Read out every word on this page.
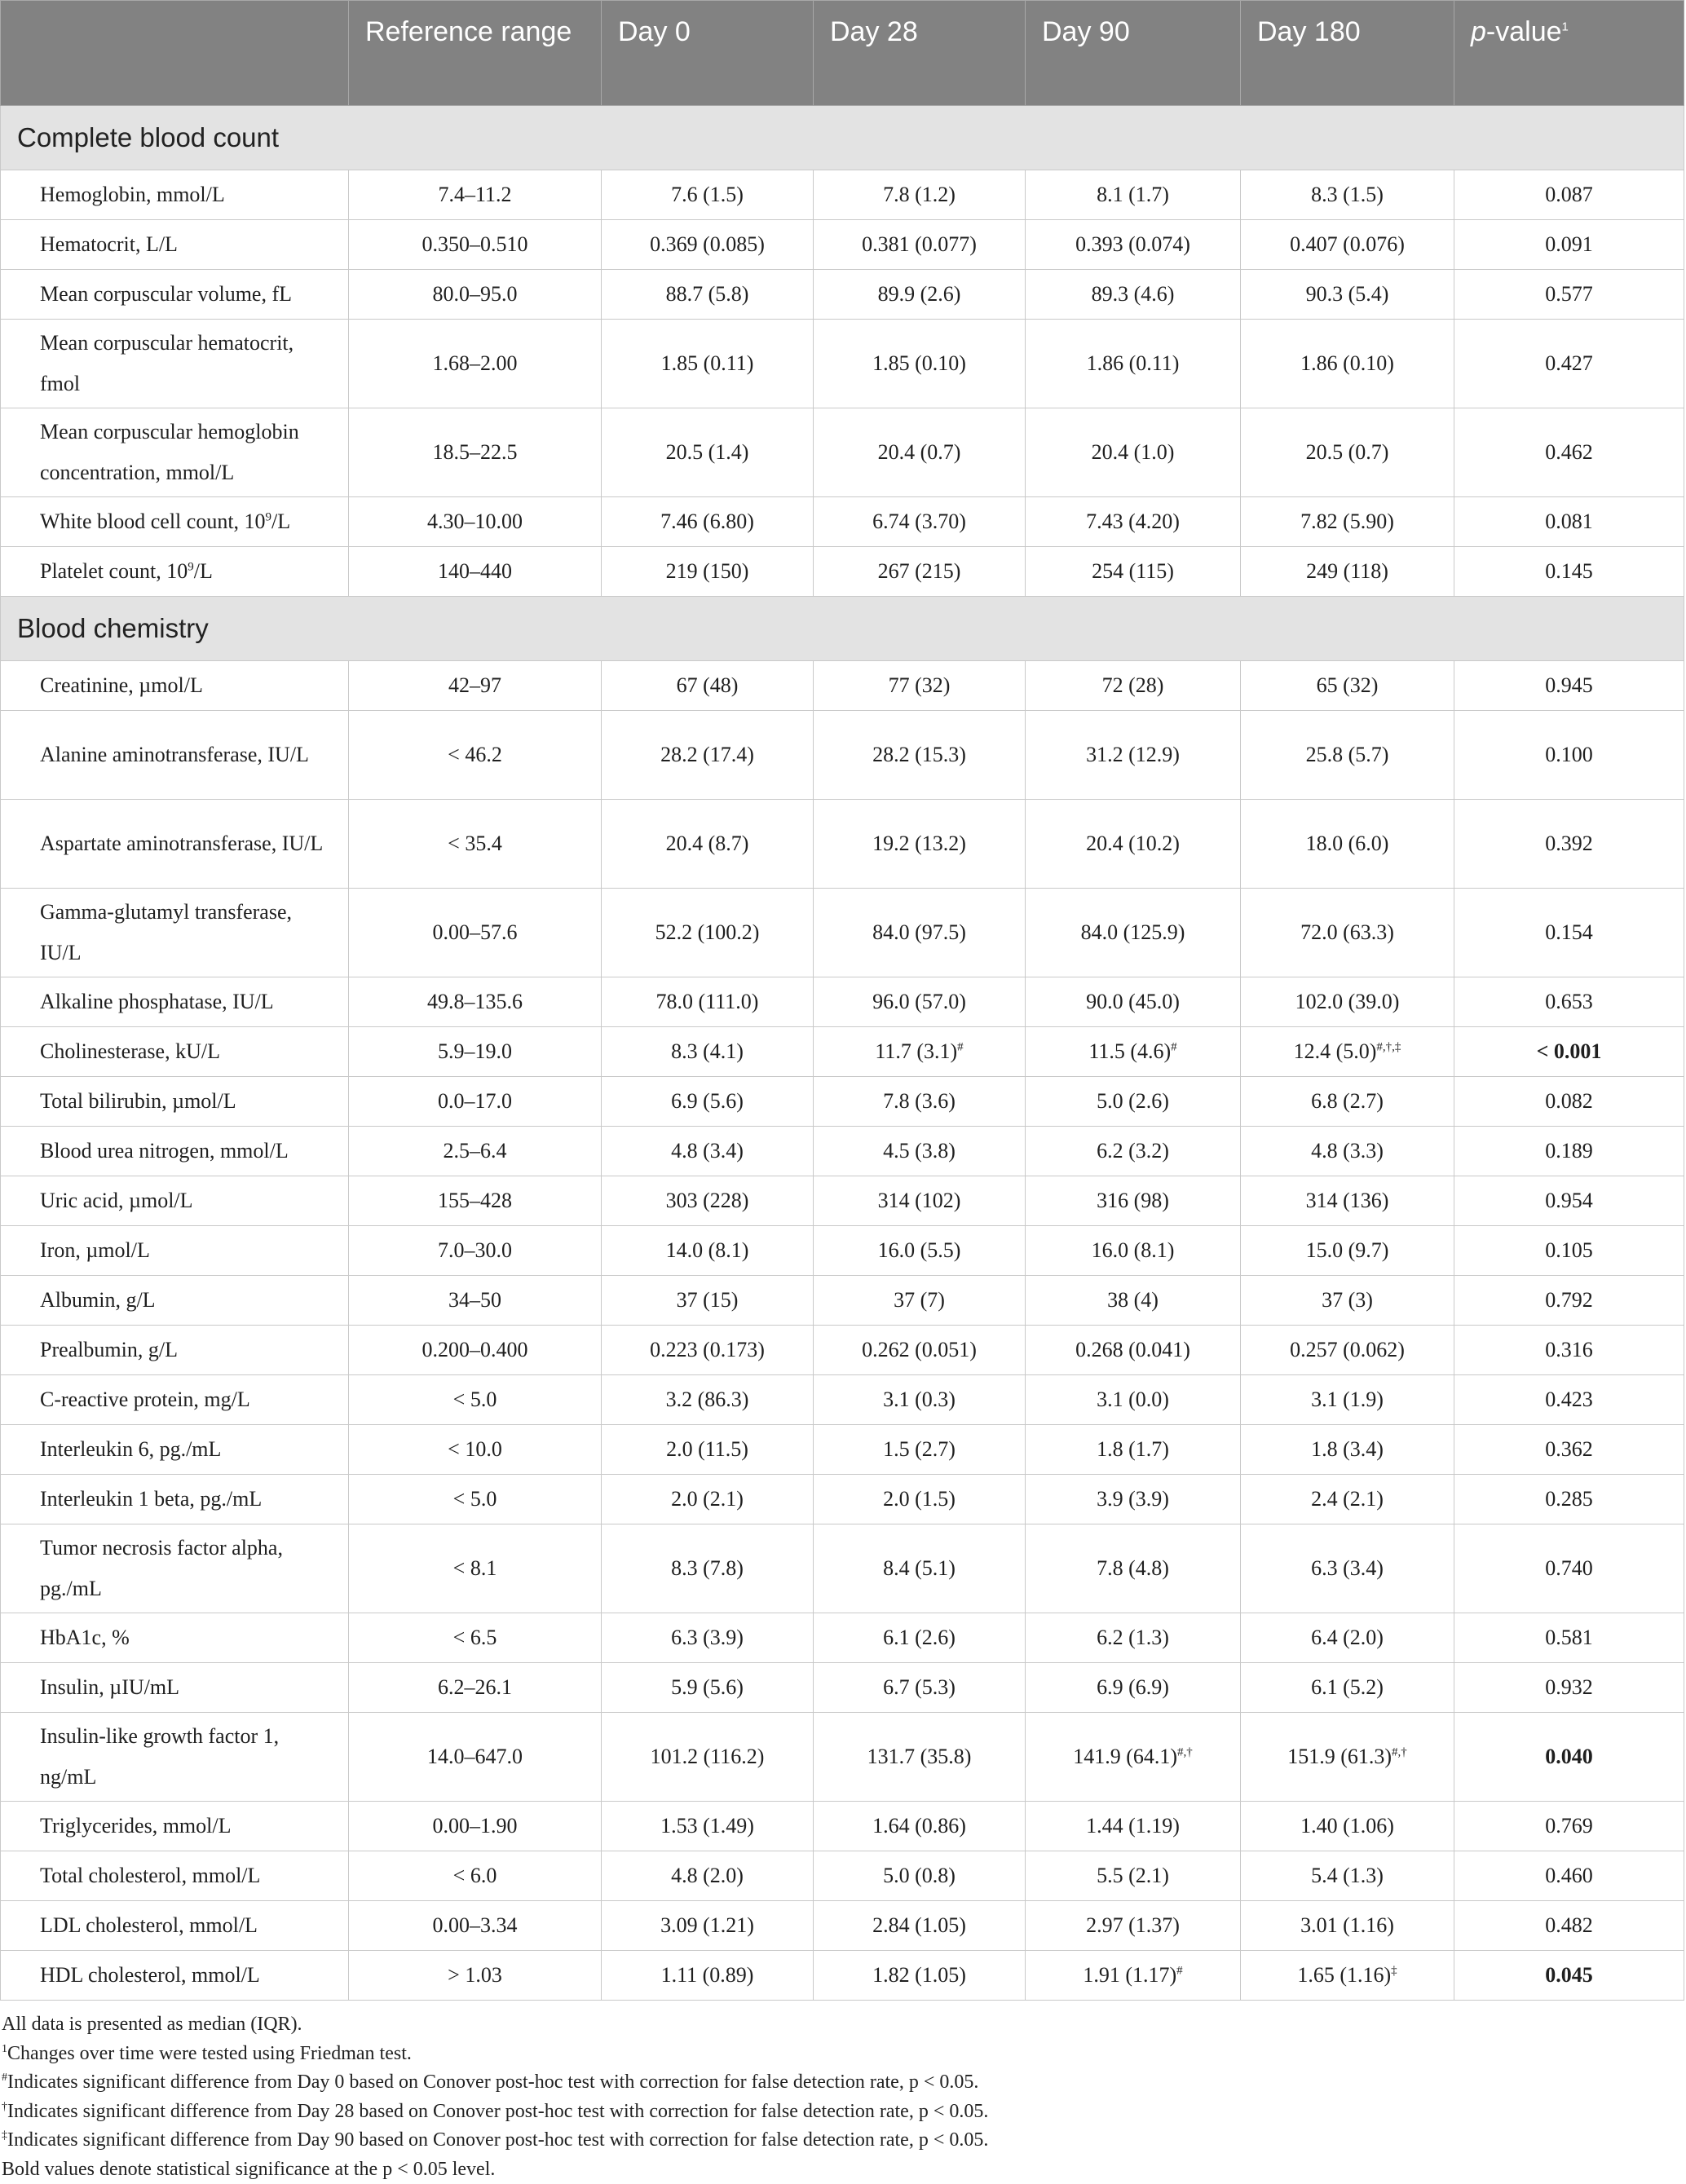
	Reference range	Day 0	Day 28	Day 90	Day 180	p-value$^1$
Complete blood count						
Hemoglobin, mmol/L	7.4–11.2	7.6 (1.5)	7.8 (1.2)	8.1 (1.7)	8.3 (1.5)	0.087
Hematocrit, L/L	0.350–0.510	0.369 (0.085)	0.381 (0.077)	0.393 (0.074)	0.407 (0.076)	0.091
Mean corpuscular volume, fL	80.0–95.0	88.7 (5.8)	89.9 (2.6)	89.3 (4.6)	90.3 (5.4)	0.577
Mean corpuscular hematocrit, fmol	1.68–2.00	1.85 (0.11)	1.85 (0.10)	1.86 (0.11)	1.86 (0.10)	0.427
Mean corpuscular hemoglobin concentration, mmol/L	18.5–22.5	20.5 (1.4)	20.4 (0.7)	20.4 (1.0)	20.5 (0.7)	0.462
White blood cell count, $10^9/L$	4.30–10.00	7.46 (6.80)	6.74 (3.70)	7.43 (4.20)	7.82 (5.90)	0.081
Platelet count, $10^9/L$	140–440	219 (150)	267 (215)	254 (115)	249 (118)	0.145
Blood chemistry						
Creatinine, µmol/L	42–97	67 (48)	77 (32)	72 (28)	65 (32)	0.945
Alanine aminotransferase, IU/L	< 46.2	28.2 (17.4)	28.2 (15.3)	31.2 (12.9)	25.8 (5.7)	0.100
Aspartate aminotransferase, IU/L	< 35.4	20.4 (8.7)	19.2 (13.2)	20.4 (10.2)	18.0 (6.0)	0.392
Gamma-glutamyl transferase, IU/L	0.00–57.6	52.2 (100.2)	84.0 (97.5)	84.0 (125.9)	72.0 (63.3)	0.154
Alkaline phosphatase, IU/L	49.8–135.6	78.0 (111.0)	96.0 (57.0)	90.0 (45.0)	102.0 (39.0)	0.653
Cholinesterase, kU/L	5.9–19.0	8.3 (4.1)	11.7 (3.1)#	11.5 (4.6)#	12.4 (5.0)#,†,‡	< 0.001
Total bilirubin, µmol/L	0.0–17.0	6.9 (5.6)	7.8 (3.6)	5.0 (2.6)	6.8 (2.7)	0.082
Blood urea nitrogen, mmol/L	2.5–6.4	4.8 (3.4)	4.5 (3.8)	6.2 (3.2)	4.8 (3.3)	0.189
Uric acid, µmol/L	155–428	303 (228)	314 (102)	316 (98)	314 (136)	0.954
Iron, µmol/L	7.0–30.0	14.0 (8.1)	16.0 (5.5)	16.0 (8.1)	15.0 (9.7)	0.105
Albumin, g/L	34–50	37 (15)	37 (7)	38 (4)	37 (3)	0.792
Prealbumin, g/L	0.200–0.400	0.223 (0.173)	0.262 (0.051)	0.268 (0.041)	0.257 (0.062)	0.316
C-reactive protein, mg/L	< 5.0	3.2 (86.3)	3.1 (0.3)	3.1 (0.0)	3.1 (1.9)	0.423
Interleukin 6, pg./mL	< 10.0	2.0 (11.5)	1.5 (2.7)	1.8 (1.7)	1.8 (3.4)	0.362
Interleukin 1 beta, pg./mL	< 5.0	2.0 (2.1)	2.0 (1.5)	3.9 (3.9)	2.4 (2.1)	0.285
Tumor necrosis factor alpha, pg./mL	< 8.1	8.3 (7.8)	8.4 (5.1)	7.8 (4.8)	6.3 (3.4)	0.740
HbA1c, %	< 6.5	6.3 (3.9)	6.1 (2.6)	6.2 (1.3)	6.4 (2.0)	0.581
Insulin, µIU/mL	6.2–26.1	5.9 (5.6)	6.7 (5.3)	6.9 (6.9)	6.1 (5.2)	0.932
Insulin-like growth factor 1, ng/mL	14.0–647.0	101.2 (116.2)	131.7 (35.8)	141.9 (64.1)#,†	151.9 (61.3)#,†	0.040
Triglycerides, mmol/L	0.00–1.90	1.53 (1.49)	1.64 (0.86)	1.44 (1.19)	1.40 (1.06)	0.769
Total cholesterol, mmol/L	< 6.0	4.8 (2.0)	5.0 (0.8)	5.5 (2.1)	5.4 (1.3)	0.460
LDL cholesterol, mmol/L	0.00–3.34	3.09 (1.21)	2.84 (1.05)	2.97 (1.37)	3.01 (1.16)	0.482
HDL cholesterol, mmol/L	> 1.03	1.11 (0.89)	1.82 (1.05)	1.91 (1.17)#	1.65 (1.16)‡	0.045
All data is presented as median (IQR).
$^1$Changes over time were tested using Friedman test.
#Indicates significant difference from Day 0 based on Conover post-hoc test with correction for false detection rate, p < 0.05.
†Indicates significant difference from Day 28 based on Conover post-hoc test with correction for false detection rate, p < 0.05.
‡Indicates significant difference from Day 90 based on Conover post-hoc test with correction for false detection rate, p < 0.05.
Bold values denote statistical significance at the p < 0.05 level.
